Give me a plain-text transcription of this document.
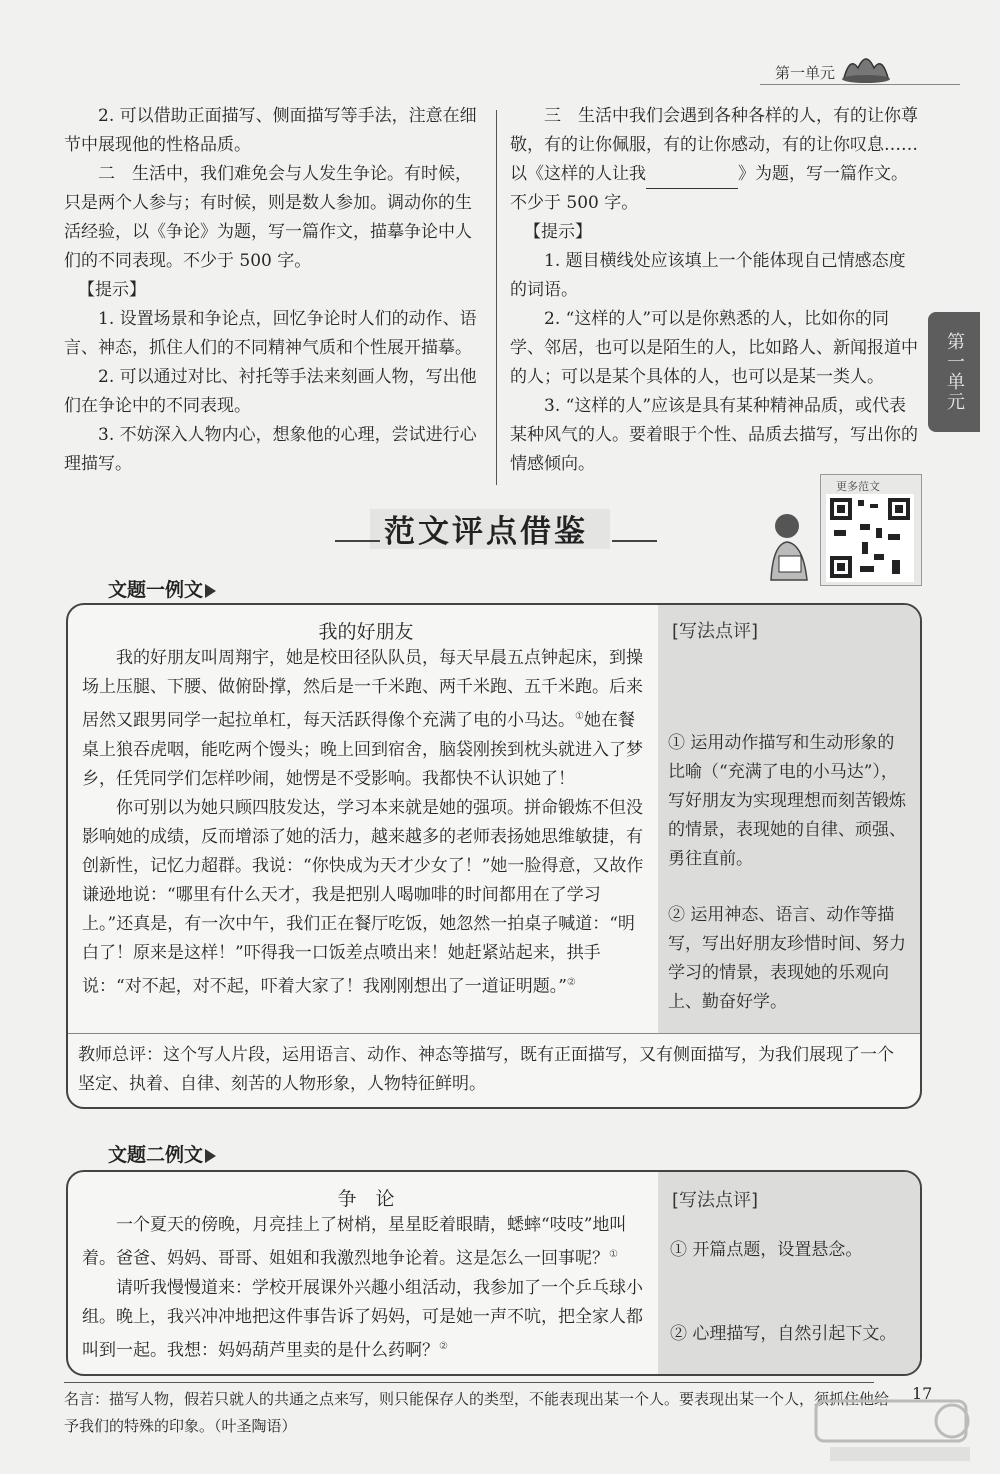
第一单元
第一单元

2. 可以借助正面描写、侧面描写等手法，注意在细节中展现他的性格品质。

二　生活中，我们难免会与人发生争论。有时候，只是两个人参与；有时候，则是数人参加。调动你的生活经验，以《争论》为题，写一篇作文，描摹争论中人们的不同表现。不少于 500 字。

【提示】

1. 设置场景和争论点，回忆争论时人们的动作、语言、神态，抓住人们的不同精神气质和个性展开描摹。

2. 可以通过对比、衬托等手法来刻画人物，写出他们在争论中的不同表现。

3. 不妨深入人物内心，想象他的心理，尝试进行心理描写。

三　生活中我们会遇到各种各样的人，有的让你尊敬，有的让你佩服，有的让你感动，有的让你叹息……以《这样的人让我	》为题，写一篇作文。不少于 500 字。

【提示】

1. 题目横线处应该填上一个能体现自己情感态度的词语。

2. “这样的人”可以是你熟悉的人，比如你的同学、邻居，也可以是陌生的人，比如路人、新闻报道中的人；可以是某个具体的人，也可以是某一类人。

3. “这样的人”应该是具有某种精神品质，或代表某种风气的人。要着眼于个性、品质去描写，写出你的情感倾向。

范文评点借鉴
更多范文
文题一例文
[写法点评]
① 运用动作描写和生动形象的比喻（“充满了电的小马达”），写好朋友为实现理想而刻苦锻炼的情景，表现她的自律、顽强、勇往直前。
② 运用神态、语言、动作等描写，写出好朋友珍惜时间、努力学习的情景，表现她的乐观向上、勤奋好学。
我的好朋友

我的好朋友叫周翔宇，她是校田径队队员，每天早晨五点钟起床，到操场上压腿、下腰、做俯卧撑，然后是一千米跑、两千米跑、五千米跑。后来居然又跟男同学一起拉单杠，每天活跃得像个充满了电的小马达。①她在餐桌上狼吞虎咽，能吃两个馒头；晚上回到宿舍，脑袋刚挨到枕头就进入了梦乡，任凭同学们怎样吵闹，她愣是不受影响。我都快不认识她了！

你可别以为她只顾四肢发达，学习本来就是她的强项。拼命锻炼不但没影响她的成绩，反而增添了她的活力，越来越多的老师表扬她思维敏捷，有创新性，记忆力超群。我说：“你快成为天才少女了！”她一脸得意，又故作谦逊地说：“哪里有什么天才，我是把别人喝咖啡的时间都用在了学习上。”还真是，有一次中午，我们正在餐厅吃饭，她忽然一拍桌子喊道：“明白了！原来是这样！”吓得我一口饭差点喷出来！她赶紧站起来，拱手说：“对不起，对不起，吓着大家了！我刚刚想出了一道证明题。”②

教师总评：这个写人片段，运用语言、动作、神态等描写，既有正面描写，又有侧面描写，为我们展现了一个坚定、执着、自律、刻苦的人物形象，人物特征鲜明。
文题二例文
[写法点评]
① 开篇点题，设置悬念。
② 心理描写，自然引起下文。
争　论

一个夏天的傍晚，月亮挂上了树梢，星星眨着眼睛，蟋蟀“吱吱”地叫着。爸爸、妈妈、哥哥、姐姐和我激烈地争论着。这是怎么一回事呢？①

请听我慢慢道来：学校开展课外兴趣小组活动，我参加了一个乒乓球小组。晚上，我兴冲冲地把这件事告诉了妈妈，可是她一声不吭，把全家人都叫到一起。我想：妈妈葫芦里卖的是什么药啊？②

名言：描写人物，假若只就人的共通之点来写，则只能保存人的类型，不能表现出某一个人。要表现出某一个人，须抓住他给予我们的特殊的印象。（叶圣陶语）
17
